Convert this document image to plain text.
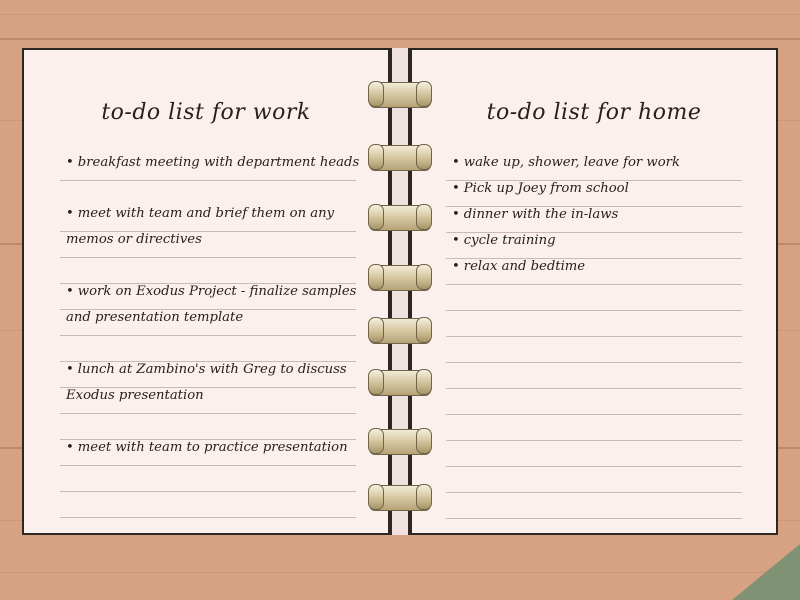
to-do list for work
• breakfast meeting with department heads
• meet with team and brief them on any
memos or directives
• work on Exodus Project - finalize samples
and presentation template
• lunch at Zambino's with Greg to discuss
Exodus presentation
• meet with team to practice presentation
to-do list for home
• wake up, shower, leave for work
• Pick up Joey from school
• dinner with the in-laws
• cycle training
• relax and bedtime
